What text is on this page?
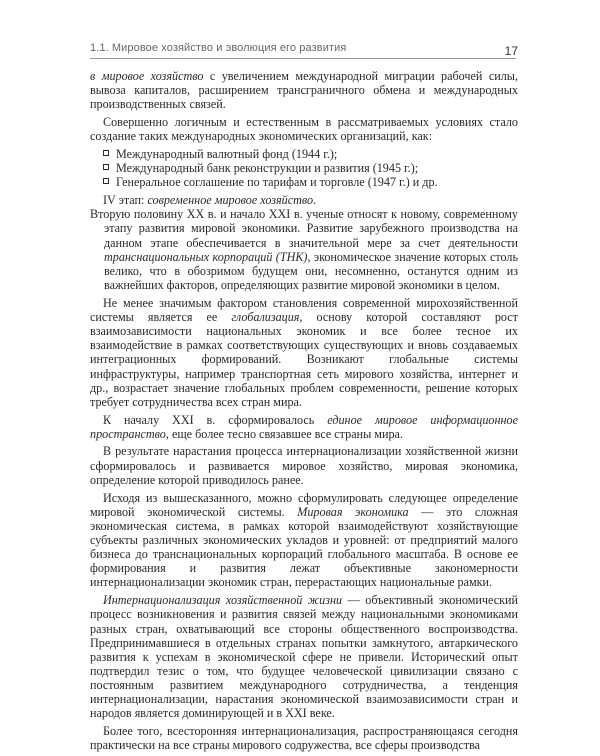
1.1. Мировое хозяйство и эволюция его развития	17

в мировое хозяйство с увеличением международной миграции рабочей силы, вывоза капиталов, расширением трансграничного обмена и международных производственных связей.

Совершенно логичным и естественным в рассматриваемых условиях стало создание таких международных экономических организаций, как:

Международный валютный фонд (1944 г.);
Международный банк реконструкции и развития (1945 г.);
Генеральное соглашение по тарифам и торговле (1947 г.) и др.

IV этап: современное мировое хозяйство.

Вторую половину XX в. и начало XXI в. ученые относят к новому, современному этапу развития мировой экономики. Развитие зарубежного производства на данном этапе обеспечивается в значительной мере за счет деятельности транснациональных корпораций (ТНК), экономическое значение которых столь велико, что в обозримом будущем они, несомненно, останутся одним из важнейших факторов, определяющих развитие мировой экономики в целом.

Не менее значимым фактором становления современной мирохозяйственной системы является ее глобализация, основу которой составляют рост взаимозависимости национальных экономик и все более тесное их взаимодействие в рамках соответствующих существующих и вновь создаваемых интеграционных формирований. Возникают глобальные системы инфраструктуры, например транспортная сеть мирового хозяйства, интернет и др., возрастает значение глобальных проблем современности, решение которых требует сотрудничества всех стран мира.

К началу XXI в. сформировалось единое мировое информационное пространство, еще более тесно связавшее все страны мира.

В результате нарастания процесса интернационализации хозяйственной жизни сформировалось и развивается мировое хозяйство, мировая экономика, определение которой приводилось ранее.

Исходя из вышесказанного, можно сформулировать следующее определение мировой экономической системы. Мировая экономика — это сложная экономическая система, в рамках которой взаимодействуют хозяйствующие субъекты различных экономических укладов и уровней: от предприятий малого бизнеса до транснациональных корпораций глобального масштаба. В основе ее формирования и развития лежат объективные закономерности интернационализации экономик стран, перерастающих национальные рамки.

Интернационализация хозяйственной жизни — объективный экономический процесс возникновения и развития связей между национальными экономиками разных стран, охватывающий все стороны общественного воспроизводства. Предпринимавшиеся в отдельных странах попытки замкнутого, автаркического развития к успехам в экономической сфере не привели. Исторический опыт подтвердил тезис о том, что будущее человеческой цивилизации связано с постоянным развитием международного сотрудничества, а тенденция интернационализации, нарастания экономической взаимозависимости стран и народов является доминирующей и в XXI веке.

Более того, всесторонняя интернационализация, распространяющаяся сегодня практически на все страны мирового содружества, все сферы производства
